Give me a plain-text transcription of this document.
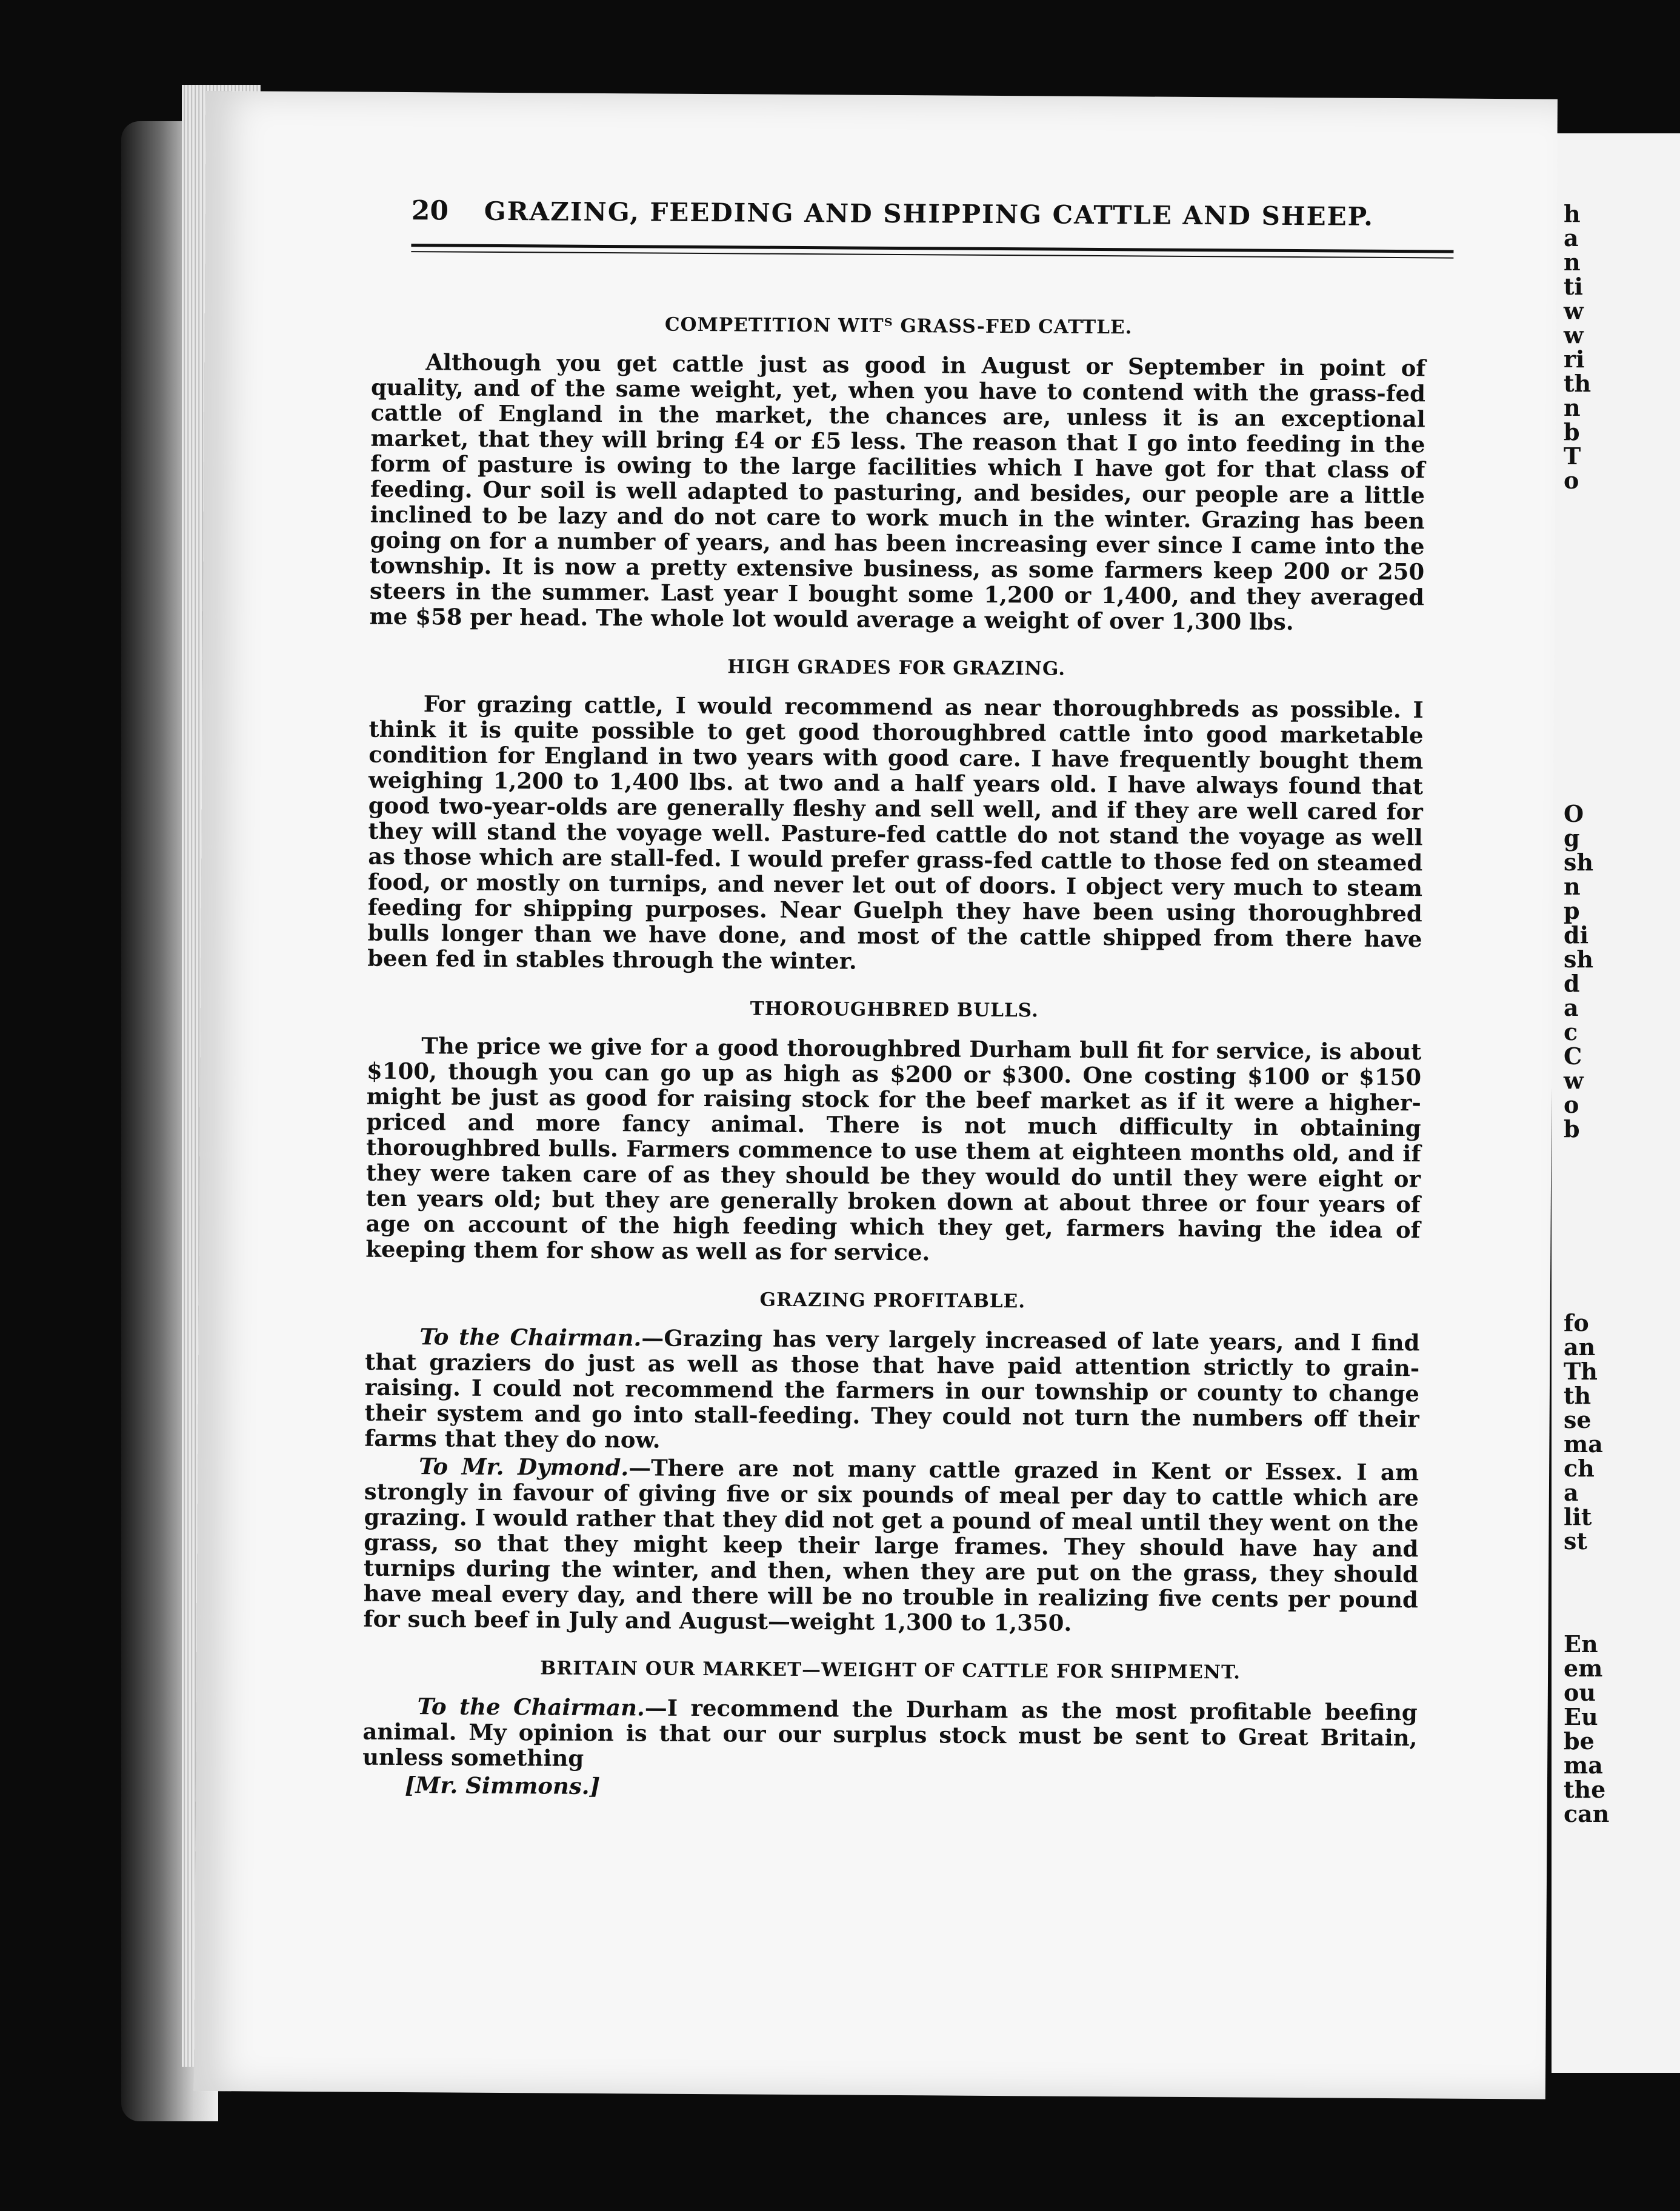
h
a
n
ti
w
w
ri
th
n
b
T
o
O
g
sh
n
p
di
sh
d
a
c
C
w
o
b
fo
an
Th
th
se
ma
ch
a
lit
st
En
em
ou
Eu
be
ma
the
can
20	GRAZING, FEEDING AND SHIPPING CATTLE AND SHEEP.
COMPETITION WITᵀ GRASS-FED CATTLE.

Although you get cattle just as good in August or September in point of quality, and of the same weight, yet, when you have to contend with the grass-fed cattle of England in the market, the chances are, unless it is an exceptional market, that they will bring £4 or £5 less. The reason that I go into feeding in the form of pasture is owing to the large facilities which I have got for that class of feeding. Our soil is well adapted to pasturing, and besides, our people are a little inclined to be lazy and do not care to work much in the winter. Grazing has been going on for a number of years, and has been increasing ever since I came into the township. It is now a pretty extensive business, as some farmers keep 200 or 250 steers in the summer. Last year I bought some 1,200 or 1,400, and they averaged me $58 per head. The whole lot would average a weight of over 1,300 lbs.

HIGH GRADES FOR GRAZING.

For grazing cattle, I would recommend as near thoroughbreds as possible. I think it is quite possible to get good thoroughbred cattle into good marketable condition for England in two years with good care. I have frequently bought them weighing 1,200 to 1,400 lbs. at two and a half years old. I have always found that good two-year-olds are generally fleshy and sell well, and if they are well cared for they will stand the voyage well. Pasture-fed cattle do not stand the voyage as well as those which are stall-fed. I would prefer grass-fed cattle to those fed on steamed food, or mostly on turnips, and never let out of doors. I object very much to steam feeding for shipping purposes. Near Guelph they have been using thoroughbred bulls longer than we have done, and most of the cattle shipped from there have been fed in stables through the winter.

THOROUGHBRED BULLS.

The price we give for a good thoroughbred Durham bull fit for service, is about $100, though you can go up as high as $200 or $300. One costing $100 or $150 might be just as good for raising stock for the beef market as if it were a higher-priced and more fancy animal. There is not much difficulty in obtaining thoroughbred bulls. Farmers commence to use them at eighteen months old, and if they were taken care of as they should be they would do until they were eight or ten years old; but they are generally broken down at about three or four years of age on account of the high feeding which they get, farmers having the idea of keeping them for show as well as for service.

GRAZING PROFITABLE.

To the Chairman.—Grazing has very largely increased of late years, and I find that graziers do just as well as those that have paid attention strictly to grain-raising. I could not recommend the farmers in our township or county to change their system and go into stall-feeding. They could not turn the numbers off their farms that they do now.

To Mr. Dymond.—There are not many cattle grazed in Kent or Essex. I am strongly in favour of giving five or six pounds of meal per day to cattle which are grazing. I would rather that they did not get a pound of meal until they went on the grass, so that they might keep their large frames. They should have hay and turnips during the winter, and then, when they are put on the grass, they should have meal every day, and there will be no trouble in realizing five cents per pound for such beef in July and August—weight 1,300 to 1,350.

BRITAIN OUR MARKET—WEIGHT OF CATTLE FOR SHIPMENT.

To the Chairman.—I recommend the Durham as the most profitable beefing animal. My opinion is that our our surplus stock must be sent to Great Britain, unless something

[Mr. Simmons.]
